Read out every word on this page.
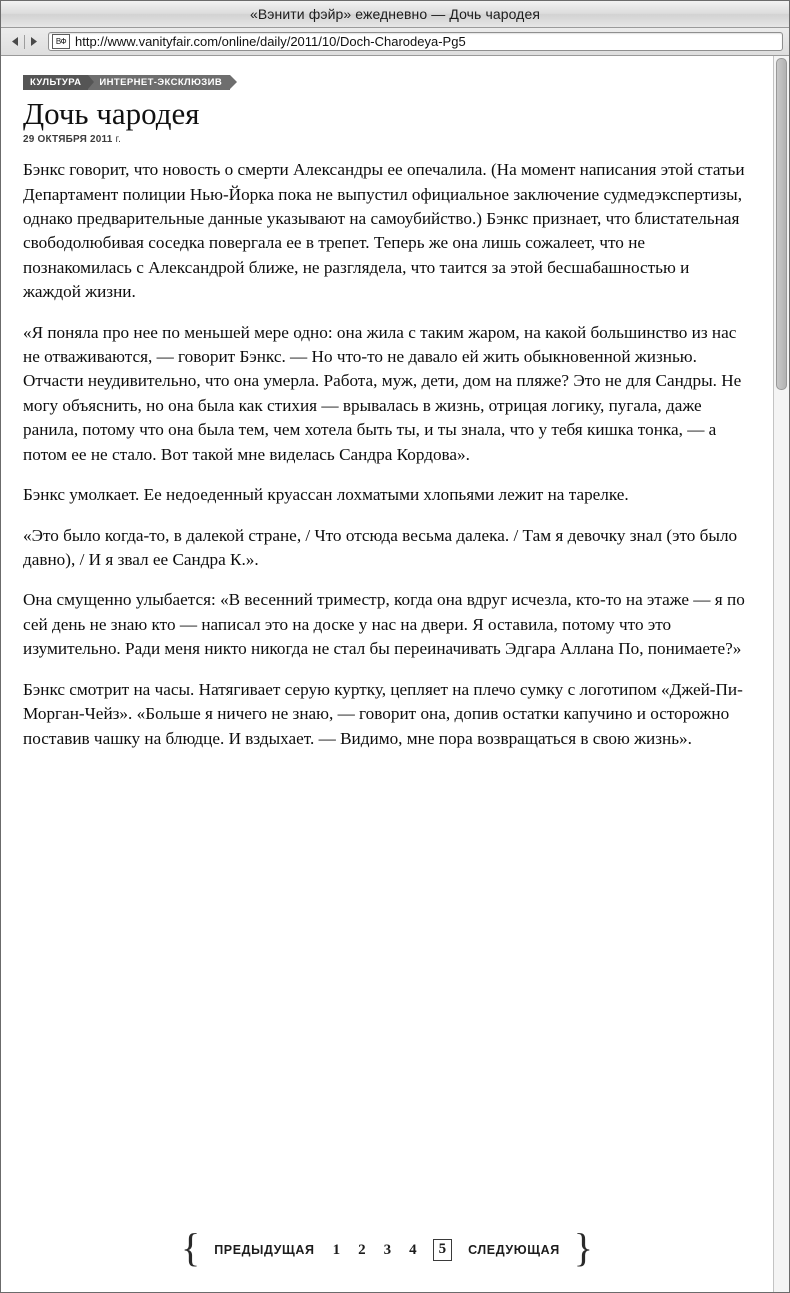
«Вэнити фэйр» ежедневно — Дочь чародея
ВФ http://www.vanityfair.com/online/daily/2011/10/Doch-Charodeya-Pg5
КУЛЬТУРА	ИНТЕРНЕТ-ЭКСКЛЮЗИВ
Дочь чародея
29 ОКТЯБРЯ 2011 г.

Бэнкс говорит, что новость о смерти Александры ее опечалила. (На момент написания этой статьи Департамент полиции Нью-Йорка пока не выпустил официальное заключение судмедэкспертизы, однако предварительные данные указывают на самоубийство.) Бэнкс признает, что блистательная свободолюбивая соседка повергала ее в трепет. Теперь же она лишь сожалеет, что не познакомилась с Александрой ближе, не разглядела, что таится за этой бесшабашностью и жаждой жизни.

«Я поняла про нее по меньшей мере одно: она жила с таким жаром, на какой большинство из нас не отваживаются, — говорит Бэнкс. — Но что-то не давало ей жить обыкновенной жизнью. Отчасти неудивительно, что она умерла. Работа, муж, дети, дом на пляже? Это не для Сандры. Не могу объяснить, но она была как стихия — врывалась в жизнь, отрицая логику, пугала, даже ранила, потому что она была тем, чем хотела быть ты, и ты знала, что у тебя кишка тонка, — а потом ее не стало. Вот такой мне виделась Сандра Кордова».

Бэнкс умолкает. Ее недоеденный круассан лохматыми хлопьями лежит на тарелке.

«Это было когда-то, в далекой стране, / Что отсюда весьма далека. / Там я девочку знал (это было давно), / И я звал ее Сандра К.».

Она смущенно улыбается: «В весенний триместр, когда она вдруг исчезла, кто-то на этаже — я по сей день не знаю кто — написал это на доске у нас на двери. Я оставила, потому что это изумительно. Ради меня никто никогда не стал бы переиначивать Эдгара Аллана По, понимаете?»

Бэнкс смотрит на часы. Натягивает серую куртку, цепляет на плечо сумку с логотипом «Джей-Пи-Морган-Чейз». «Больше я ничего не знаю, — говорит она, допив остатки капучино и осторожно поставив чашку на блюдце. И вздыхает. — Видимо, мне пора возвращаться в свою жизнь».

{ ПРЕДЫДУЩАЯ 1 2 3 4	5	СЛЕДУЮЩАЯ }
